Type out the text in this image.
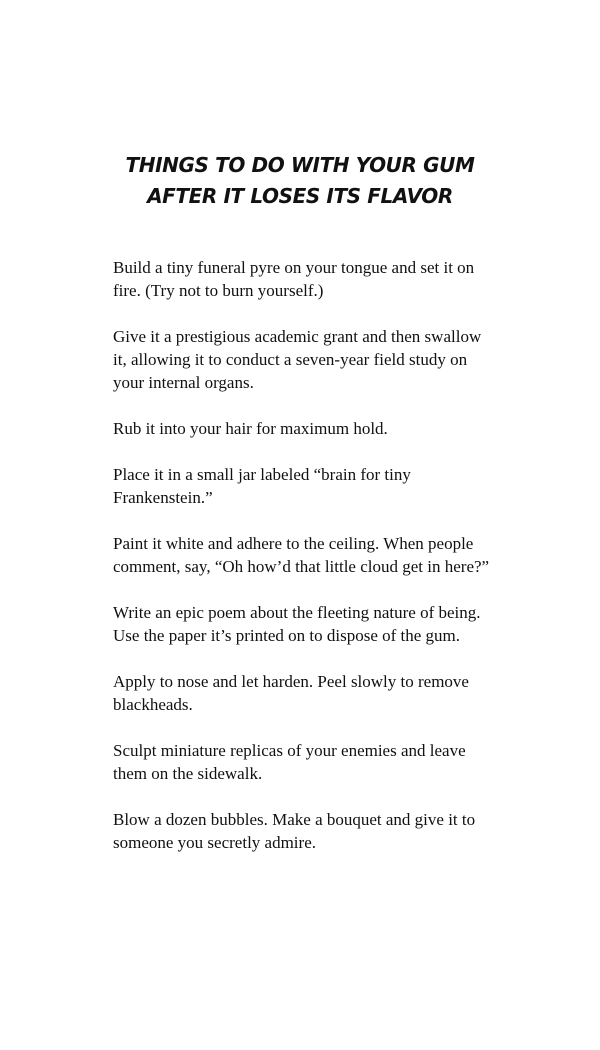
THINGS TO DO WITH YOUR GUM
AFTER IT LOSES ITS FLAVOR

Build a tiny funeral pyre on your tongue and set it on fire. (Try not to burn yourself.)

Give it a prestigious academic grant and then swallow it, allowing it to conduct a seven-year field study on your internal organs.

Rub it into your hair for maximum hold.

Place it in a small jar labeled “brain for tiny Frankenstein.”

Paint it white and adhere to the ceiling. When people comment, say, “Oh how’d that little cloud get in here?”

Write an epic poem about the fleeting nature of being. Use the paper it’s printed on to dispose of the gum.

Apply to nose and let harden. Peel slowly to remove blackheads.

Sculpt miniature replicas of your enemies and leave them on the sidewalk.

Blow a dozen bubbles. Make a bouquet and give it to someone you secretly admire.
